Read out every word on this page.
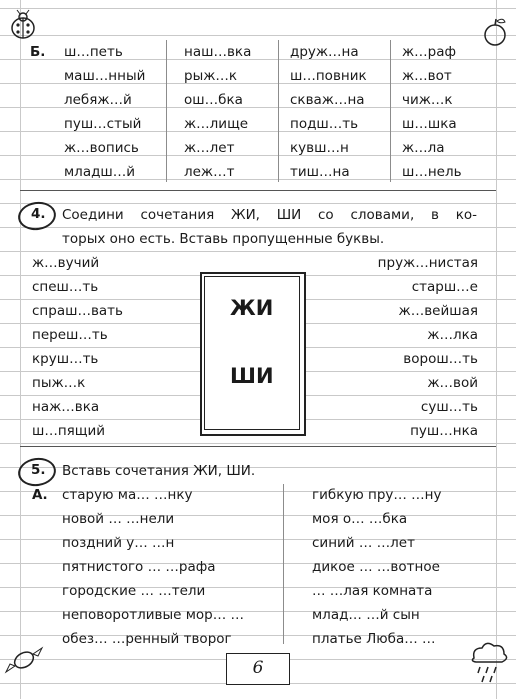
Б. ш…петь
маш…нный
лебяж…й
пуш…стый
ж…вопись
младш…й
наш…вка
рыж…к
ош…бка
ж…лище
ж…лет
леж…т
друж…на
ш…повник
скваж…на
подш…ть
кувш…н
тиш…на
ж…раф
ж…вот
чиж…к
ш…шка
ж…ла
ш…нель
4. Соедини сочетания ЖИ, ШИ со словами, в ко-
торых оно есть. Вставь пропущенные буквы.
ж…вучий
спеш…ть
спраш…вать
переш…ть
круш…ть
пыж…к
наж…вка
ш…пящий
пруж…нистая
старш…е
ж…вейшая
ж…лка
ворош…ть
ж…вой
суш…ть
пуш…нка
ЖИ
ШИ
5. Вставь сочетания ЖИ, ШИ.
А. старую ма… …нку
новой … …нели
поздний у… …н
пятнистого … …рафа
городские … …тели
неповоротливые мор… …
обез… …ренный творог
гибкую пру… …ну
моя о… …бка
синий … …лет
дикое … …вотное
… …лая комната
млад… …й сын
платье Люба… …
6
